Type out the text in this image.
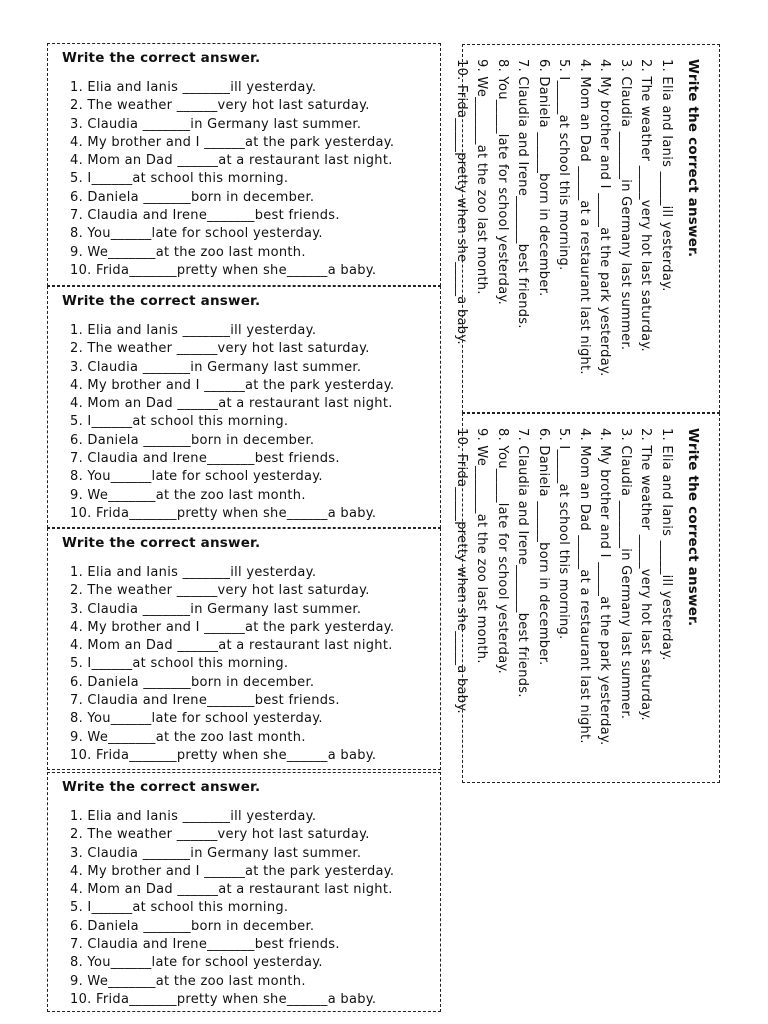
Write the correct answer.

1. Elia and Ianis _______ill yesterday.
2. The weather ______very hot last saturday.
3. Claudia _______in Germany last summer.
4. My brother and I ______at the park yesterday.
4. Mom an Dad ______at a restaurant last night.
5. I______at school this morning.
6. Daniela _______born in december.
7. Claudia and Irene_______best friends.
8. You______late for school yesterday.
9. We_______at the zoo last month.
10. Frida_______pretty when she______a baby.

Write the correct answer.

1. Elia and Ianis _______ill yesterday.
2. The weather ______very hot last saturday.
3. Claudia _______in Germany last summer.
4. My brother and I ______at the park yesterday.
4. Mom an Dad ______at a restaurant last night.
5. I______at school this morning.
6. Daniela _______born in december.
7. Claudia and Irene_______best friends.
8. You______late for school yesterday.
9. We_______at the zoo last month.
10. Frida_______pretty when she______a baby.

Write the correct answer.

1. Elia and Ianis _______ill yesterday.
2. The weather ______very hot last saturday.
3. Claudia _______in Germany last summer.
4. My brother and I ______at the park yesterday.
4. Mom an Dad ______at a restaurant last night.
5. I______at school this morning.
6. Daniela _______born in december.
7. Claudia and Irene_______best friends.
8. You______late for school yesterday.
9. We_______at the zoo last month.
10. Frida_______pretty when she______a baby.

Write the correct answer.

1. Elia and Ianis _______ill yesterday.
2. The weather ______very hot last saturday.
3. Claudia _______in Germany last summer.
4. My brother and I ______at the park yesterday.
4. Mom an Dad ______at a restaurant last night.
5. I______at school this morning.
6. Daniela _______born in december.
7. Claudia and Irene_______best friends.
8. You______late for school yesterday.
9. We_______at the zoo last month.
10. Frida_______pretty when she______a baby.

Write the correct answer.

1. Elia and Ianis _____ill yesterday.
2. The weather _____very hot last saturday.
3. Claudia _______in Germany last summer.
4. My brother and I _____at the park yesterday.
4. Mom an Dad _____at a restaurant last night.
5. I_____at school this morning.
6. Daniela ______born in december.
7. Claudia and Irene_______best friends.
8. You_____late for school yesterday.
9. We_______at the zoo last month.
10. Frida_____pretty when she_____a baby.

Write the correct answer.

1. Elia and Ianis _____ill yesterday.
2. The weather _____very hot last saturday.
3. Claudia _______in Germany last summer.
4. My brother and I _____at the park yesterday.
4. Mom an Dad _____at a restaurant last night.
5. I_____at school this morning.
6. Daniela ______born in december.
7. Claudia and Irene_______best friends.
8. You_____late for school yesterday.
9. We_______at the zoo last month.
10. Frida_____pretty when she_____a baby.
